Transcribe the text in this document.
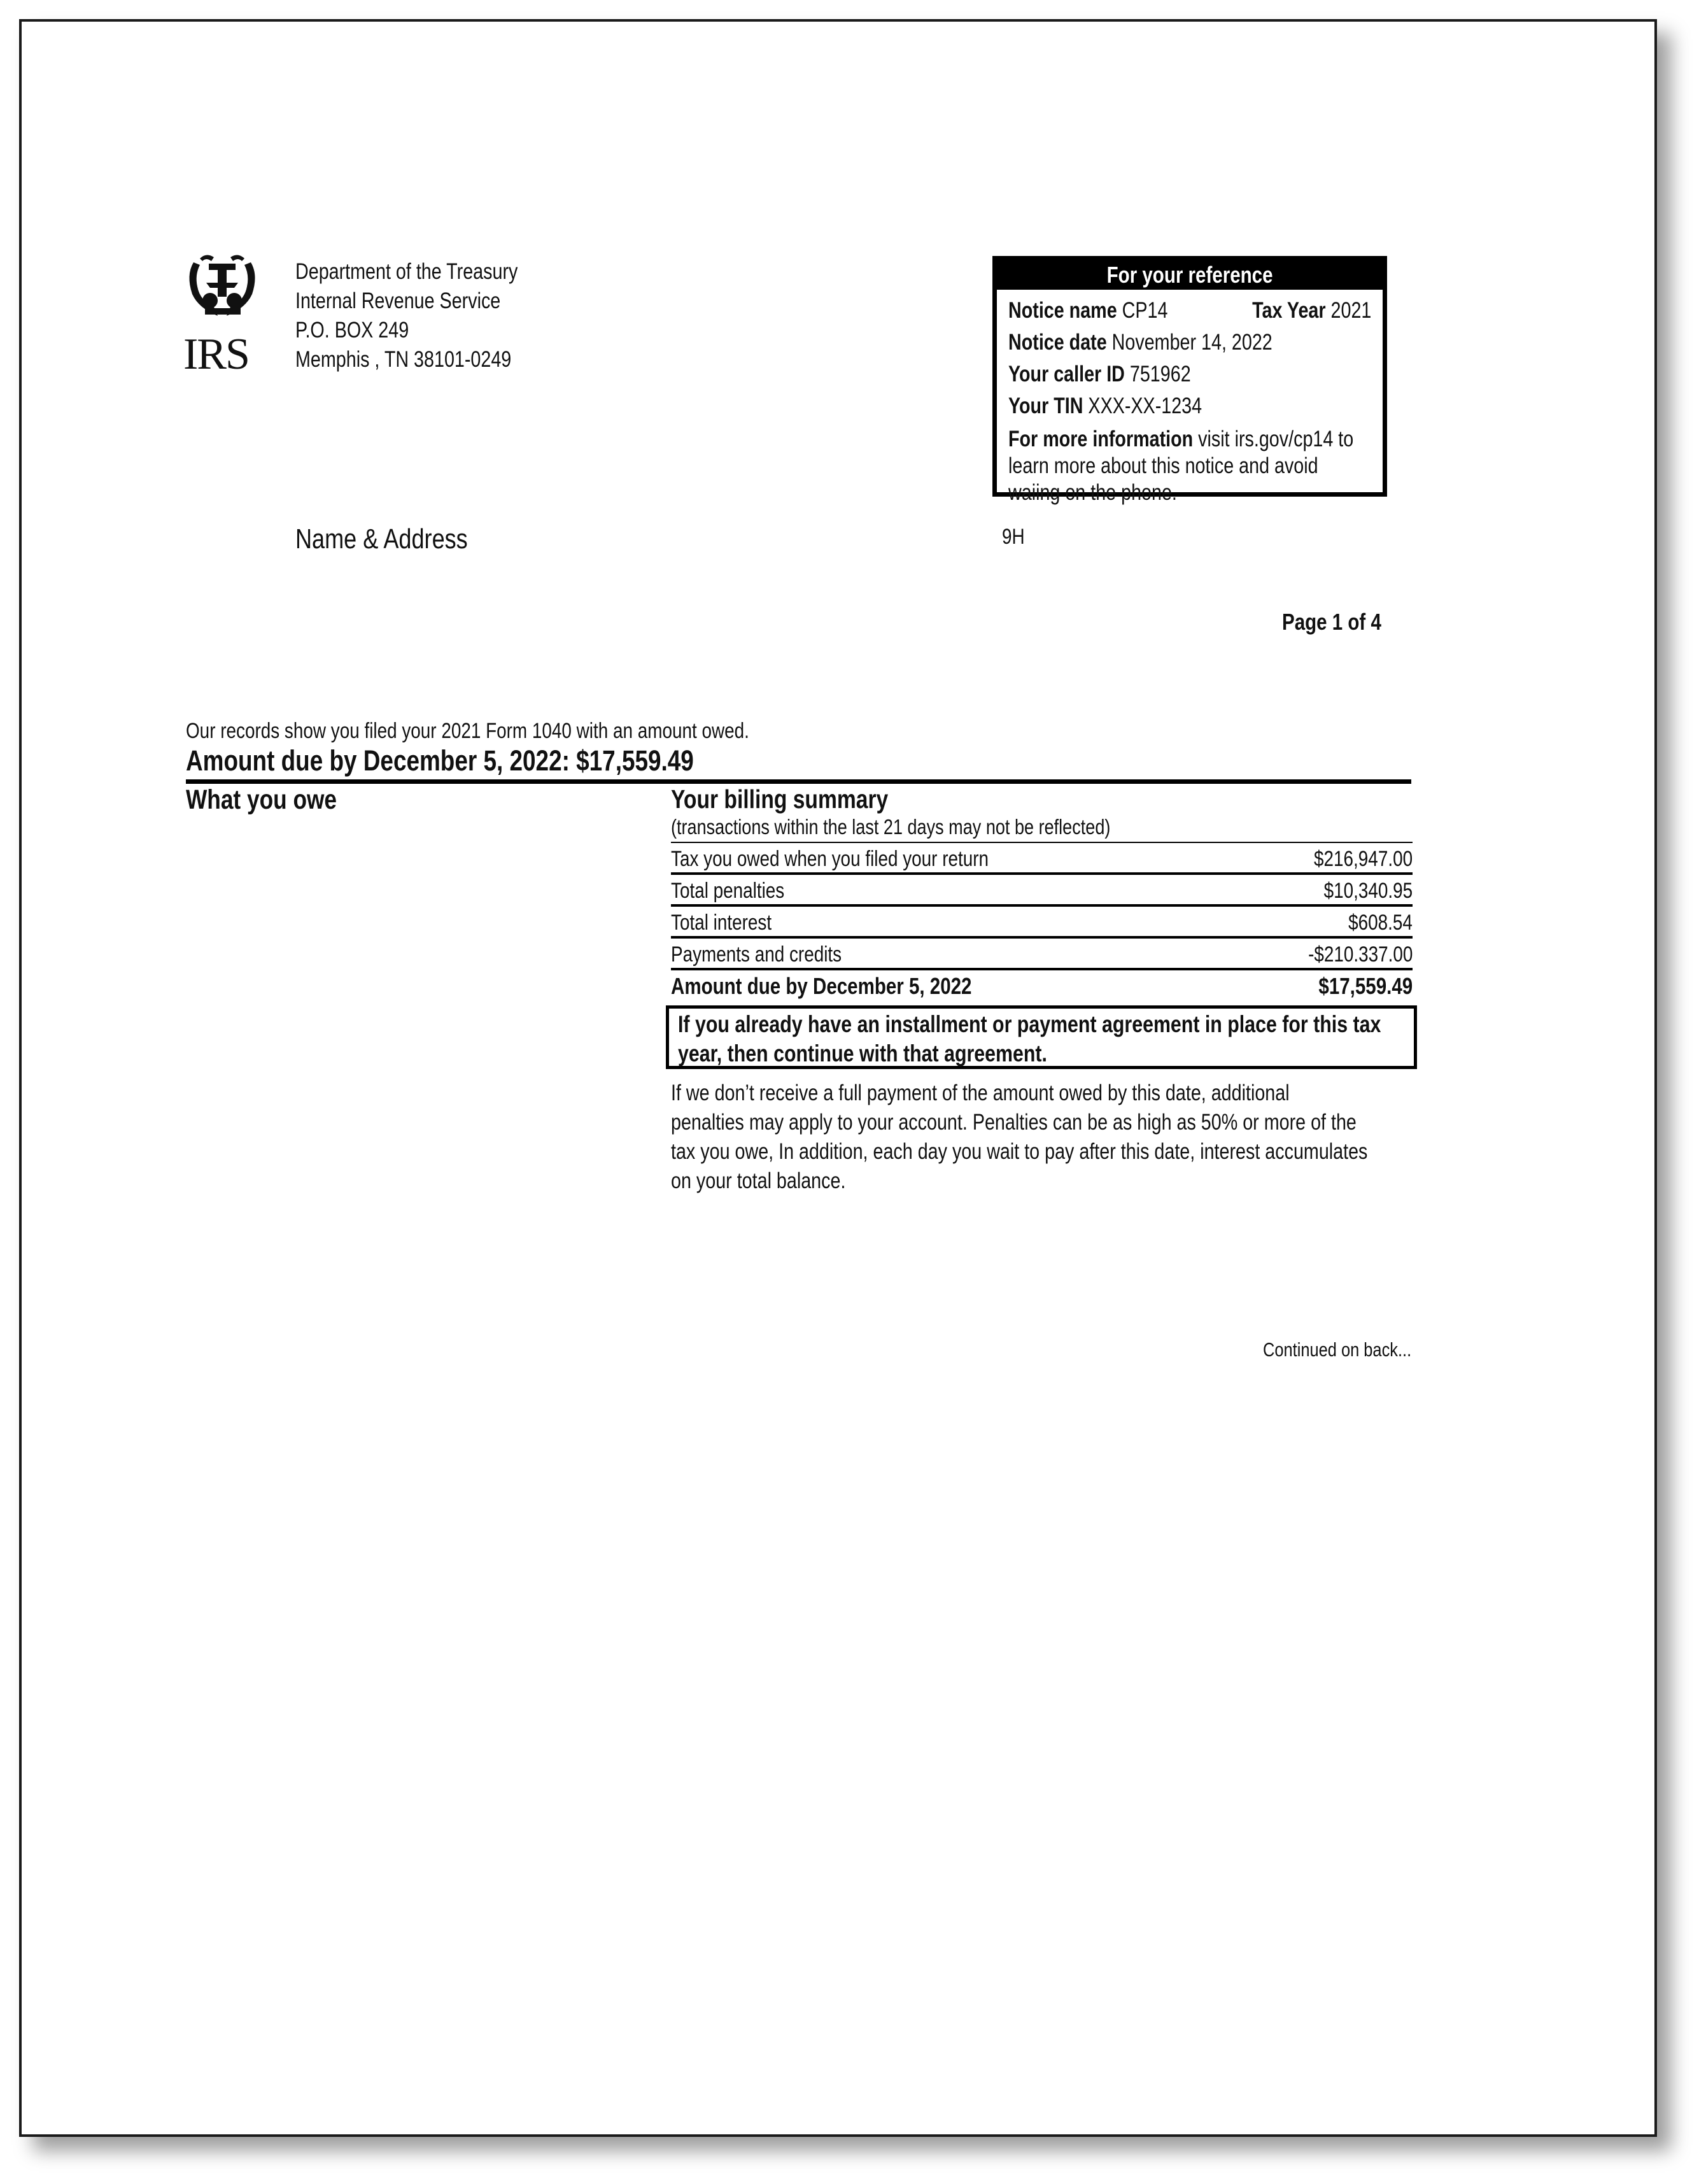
IRS
Department of the Treasury
Internal Revenue Service
P.O. BOX 249
Memphis , TN 38101-0249
For your reference
Notice name CP14	Tax Year 2021
Notice date November 14, 2022
Your caller ID 751962
Your TIN XXX-XX-1234
For more information visit irs.gov/cp14 to learn more about this notice and avoid waiing on the phone.
Name & Address	9H
Page 1 of 4
Our records show you filed your 2021 Form 1040 with an amount owed.
Amount due by December 5, 2022: $17,559.49
What you owe	Your billing summary
(transactions within the last 21 days may not be reflected)
Tax you owed when you filed your return	$216,947.00
Total penalties	$10,340.95
Total interest	$608.54
Payments and credits	-$210.337.00
Amount due by December 5, 2022	$17,559.49
If you already have an installment or payment agreement in place for this tax year, then continue with that agreement.
If we don’t receive a full payment of the amount owed by this date, additional
penalties may apply to your account. Penalties can be as high as 50% or more of the
tax you owe, In addition, each day you wait to pay after this date, interest accumulates
on your total balance.
Continued on back...
